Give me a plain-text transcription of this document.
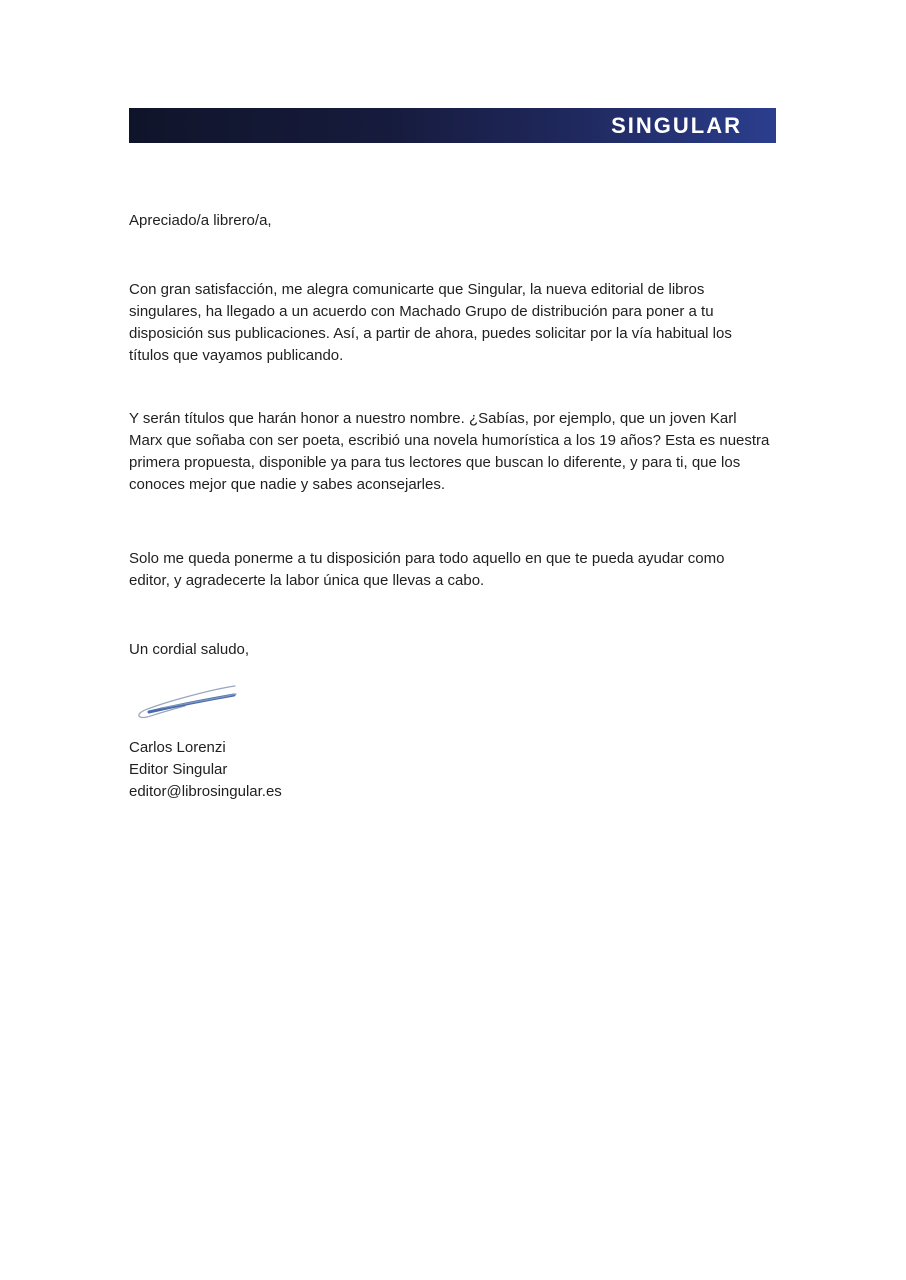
SINGULAR
Apreciado/a librero/a,
Con gran satisfacción, me alegra comunicarte que Singular, la nueva editorial de libros
singulares, ha llegado a un acuerdo con Machado Grupo de distribución para poner a tu
disposición sus publicaciones. Así, a partir de ahora, puedes solicitar por la vía habitual los
títulos que vayamos publicando.
Y serán títulos que harán honor a nuestro nombre. ¿Sabías, por ejemplo, que un joven Karl
Marx que soñaba con ser poeta, escribió una novela humorística a los 19 años? Esta es nuestra
primera propuesta, disponible ya para tus lectores que buscan lo diferente, y para ti, que los
conoces mejor que nadie y sabes aconsejarles.
Solo me queda ponerme a tu disposición para todo aquello en que te pueda ayudar como
editor, y agradecerte la labor única que llevas a cabo.
Un cordial saludo,
Carlos Lorenzi
Editor Singular
editor@librosingular.es
